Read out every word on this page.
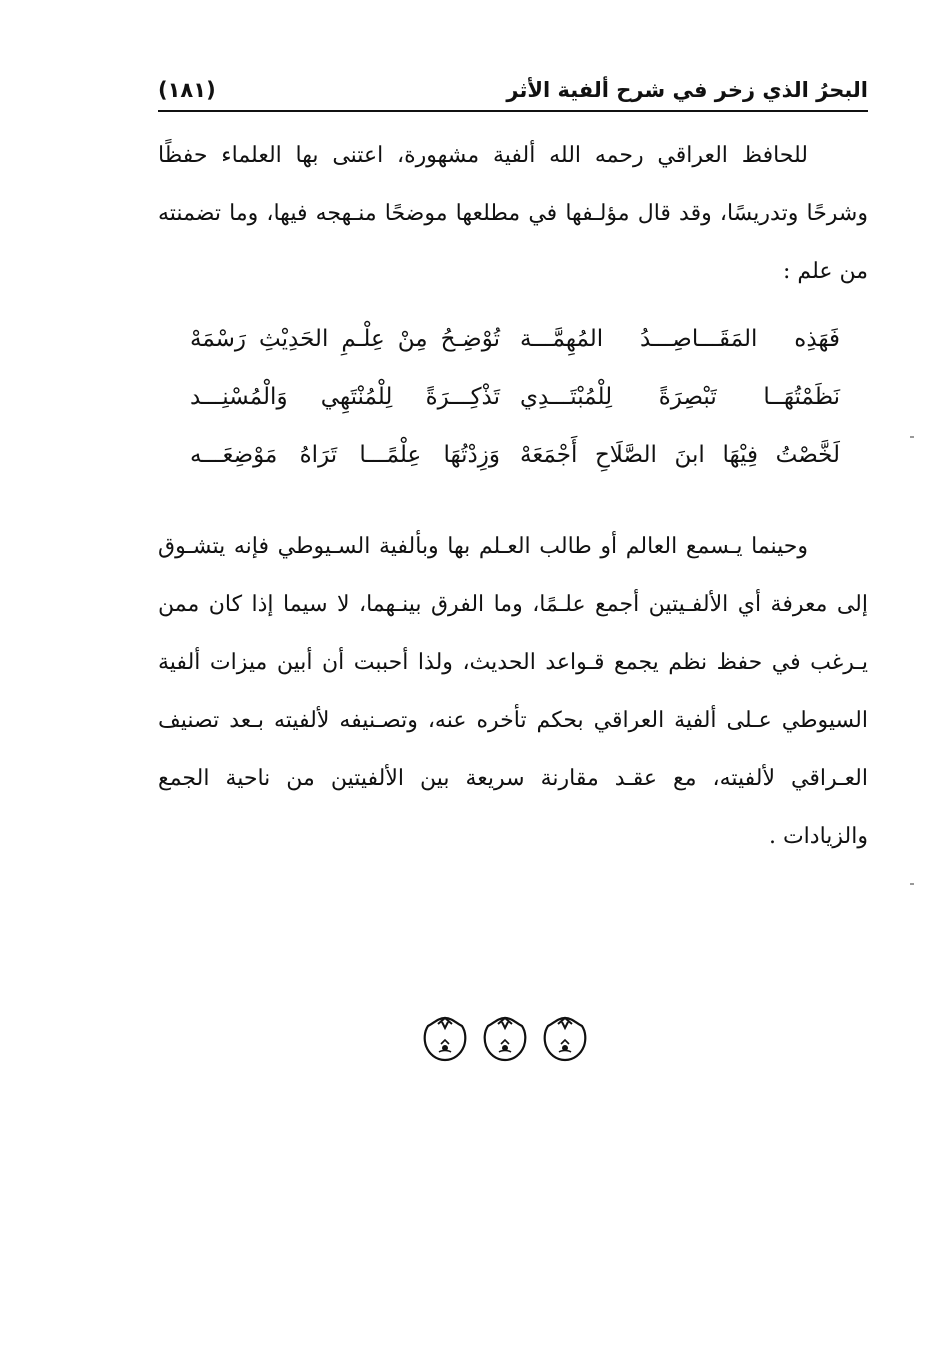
البحرُ الذي زخر في شرح ألفية الأثر
(١٨١)

للحافظ العراقي رحمه الله ألفية مشهورة، اعتنى بها العلماء حفظًا وشرحًا وتدريسًا، وقد قال مؤلـفها في مطلعها موضحًا منـهجه فيها، وما تضمنته من علم :

فَهَذِه المَقَـــاصِـــدُ المُهِمَّـــة
تُوْضِـحُ مِنْ عِلْـمِ الحَدِيْثِ رَسْمَهْ
نَظَمْتُهَــا تَبْصِرَةً لِلْمُبْتَـــدِي
تَذْكِـــرَةً لِلْمُنْتَهِي وَالْمُسْنِـــد
لَخَّصْتُ فِيْهَا ابنَ الصَّلَاحِ أَجْمَعَهْ
وَزِدْتُهَا عِلْمًـــا تَرَاهُ مَوْضِعَـــه

وحينما يـسمع العالم أو طالب العـلم بها وبألفية السـيوطي فإنه يتشـوق إلى معرفة أي الألفـيتين أجمع علـمًا، وما الفرق بينـهما، لا سيما إذا كان ممن يـرغب في حفظ نظم يجمع قـواعد الحديث، ولذا أحببت أن أبين ميزات ألفية السيوطي عـلى ألفية العراقي بحكم تأخره عنه، وتصـنيفه لألفيته بـعد تصنيف العـراقي لألفيته، مع عقـد مقارنة سريعة بين الألفيتين من ناحية الجمع والزيادات .
